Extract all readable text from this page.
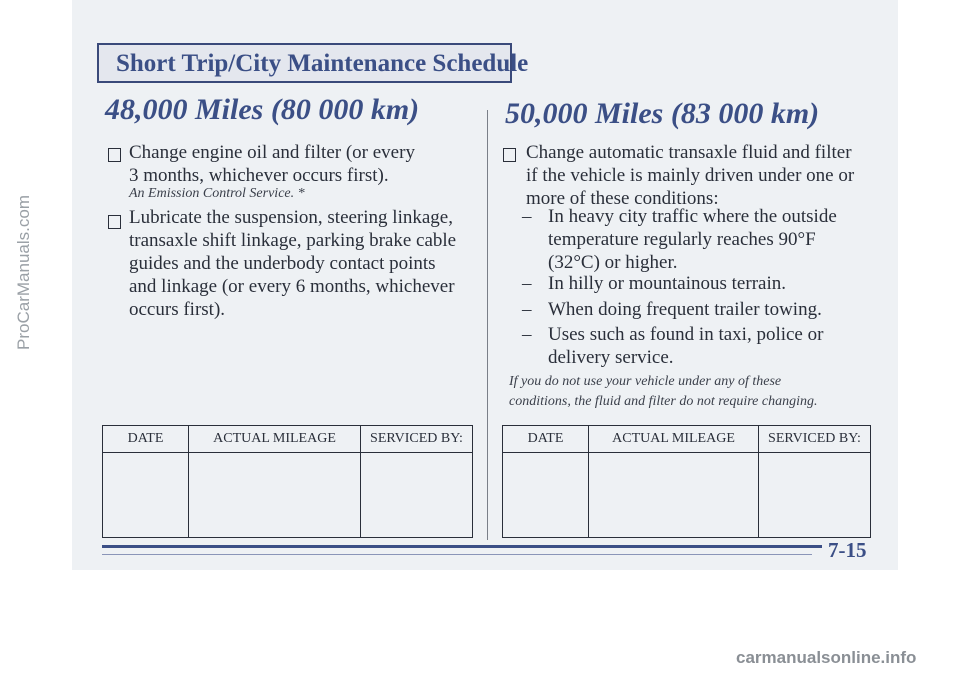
Short Trip/City Maintenance Schedule
48,000 Miles (80 000 km)
Change engine oil and filter (or every
3 months, whichever occurs first).
An Emission Control Service. *
Lubricate the suspension, steering linkage,
transaxle shift linkage, parking brake cable
guides and the underbody contact points
and linkage (or every 6 months, whichever
occurs first).
DATE	ACTUAL MILEAGE	SERVICED BY:

50,000 Miles (83 000 km)
Change automatic transaxle fluid and filter
if the vehicle is mainly driven under one or
more of these conditions:
– In heavy city traffic where the outside
temperature regularly reaches 90°F
(32°C) or higher.
– In hilly or mountainous terrain.
– When doing frequent trailer towing.
– Uses such as found in taxi, police or
delivery service.
If you do not use your vehicle under any of these
conditions, the fluid and filter do not require changing.
DATE	ACTUAL MILEAGE	SERVICED BY:

7-15
ProCarManuals.com
carmanualsonline.info
